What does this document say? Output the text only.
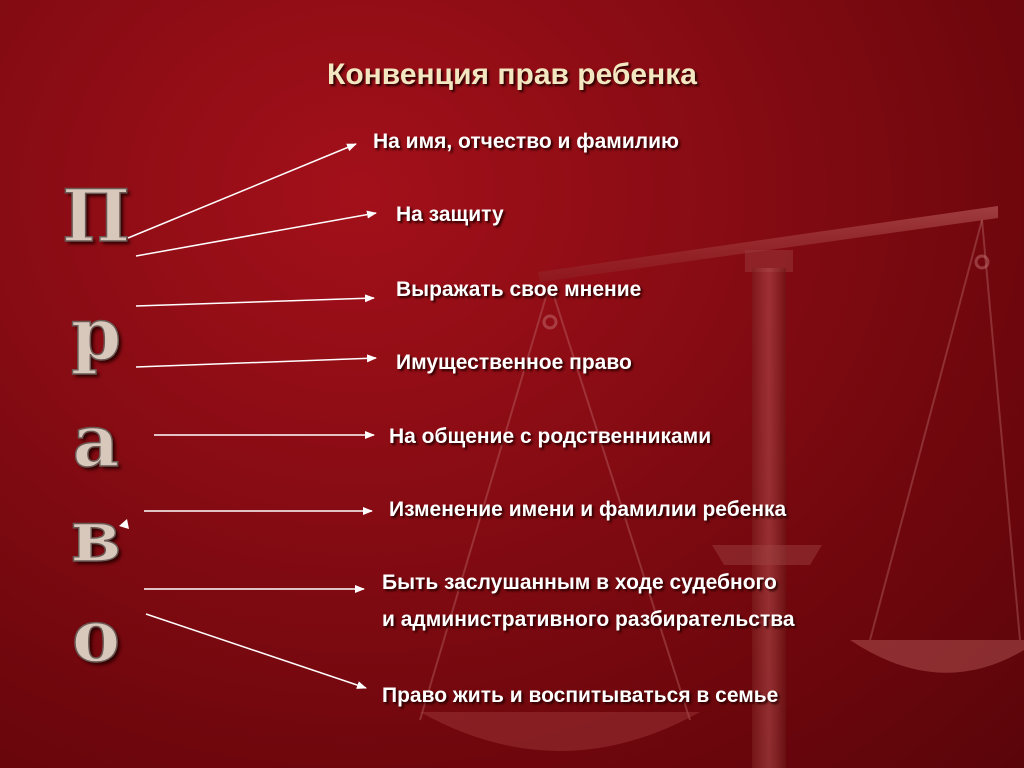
Конвенция прав ребенка
П
р
а
в
о
На имя, отчество и фамилию
На защиту
Выражать свое мнение
Имущественное право
На общение с родственниками
Изменение имени и фамилии ребенка
Быть заслушанным в ходе судебного
и административного разбирательства
Право жить и воспитываться в семье
